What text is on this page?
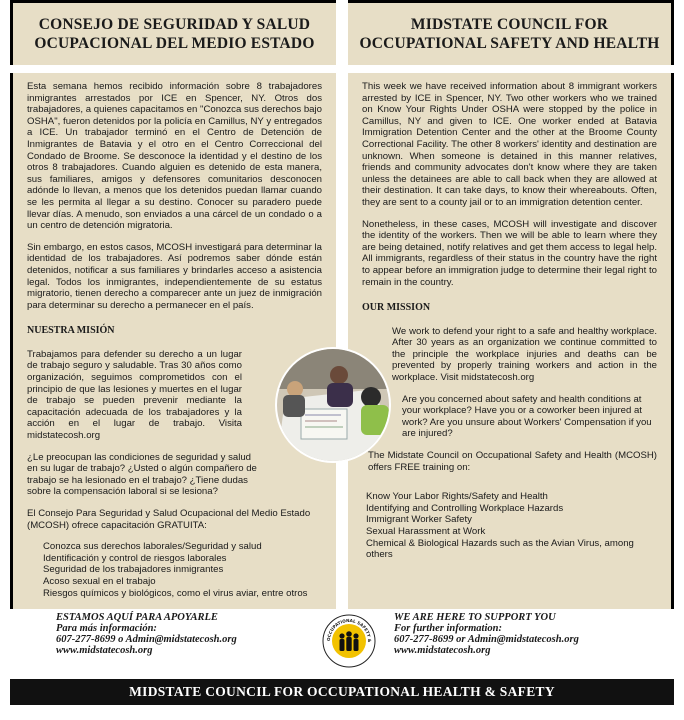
CONSEJO DE SEGURIDAD Y SALUD OCUPACIONAL DEL MEDIO ESTADO

Esta semana hemos recibido información sobre 8 trabajadores inmigrantes arrestados por ICE en Spencer, NY. Otros dos trabajadores, a quienes capacitamos en "Conozca sus derechos bajo OSHA", fueron detenidos por la policía en Camillus, NY y entregados a ICE. Un trabajador terminó en el Centro de Detención de Inmigrantes de Batavia y el otro en el Centro Correccional del Condado de Broome. Se desconoce la identidad y el destino de los otros 8 trabajadores. Cuando alguien es detenido de esta manera, sus familiares, amigos y defensores comunitarios desconocen adónde lo llevan, a menos que los detenidos puedan llamar cuando se les permita al llegar a su destino. Conocer su paradero puede llevar días. A menudo, son enviados a una cárcel de un condado o a un centro de detención migratoria.

Sin embargo, en estos casos, MCOSH investigará para determinar la identidad de los trabajadores. Así podremos saber dónde están detenidos, notificar a sus familiares y brindarles acceso a asistencia legal. Todos los inmigrantes, independientemente de su estatus migratorio, tienen derecho a comparecer ante un juez de inmigración para determinar su derecho a permanecer en el país.

NUESTRA MISIÓN

Trabajamos para defender su derecho a un lugar de trabajo seguro y saludable. Tras 30 años como organización, seguimos comprometidos con el principio de que las lesiones y muertes en el lugar de trabajo se pueden prevenir mediante la capacitación adecuada de los trabajadores y la acción en el lugar de trabajo. Visita midstatecosh.org

¿Le preocupan las condiciones de seguridad y salud en su lugar de trabajo? ¿Usted o algún compañero de trabajo se ha lesionado en el trabajo? ¿Tiene dudas sobre la compensación laboral si se lesiona?

El Consejo Para Seguridad y Salud Ocupacional del Medio Estado (MCOSH) ofrece capacitación GRATUITA:

Conozca sus derechos laborales/Seguridad y salud
Identificación y control de riesgos laborales
Seguridad de los trabajadores inmigrantes
Acoso sexual en el trabajo
Riesgos químicos y biológicos, como el virus aviar, entre otros
MIDSTATE COUNCIL FOR OCCUPATIONAL SAFETY AND HEALTH

This week we have received information about 8 immigrant workers arrested by ICE in Spencer, NY. Two other workers who we trained on Know Your Rights Under OSHA were stopped by the police in Camillus, NY and given to ICE. One worker ended at Batavia Immigration Detention Center and the other at the Broome County Correctional Facility. The other 8 workers' identity and destination are unknown. When someone is detained in this manner relatives, friends and community advocates don't know where they are taken unless the detainees are able to call back when they are allowed at their destination. It can take days, to know their whereabouts. Often, they are sent to a county jail or to an immigration detention center.

Nonetheless, in these cases, MCOSH will investigate and discover the identity of the workers. Then we will be able to learn where they are being detained, notify relatives and get them access to legal help. All immigrants, regardless of their status in the country have the right to appear before an immigration judge to determine their legal right to remain in the country.

OUR MISSION

We work to defend your right to a safe and healthy workplace. After 30 years as an organization we continue committed to the principle the workplace injuries and deaths can be prevented by properly training workers and action in the workplace. Visit midstatecosh.org

Are you concerned about safety and health conditions at your workplace? Have you or a coworker been injured at work? Are you unsure about Workers' Compensation if you are injured?

The Midstate Council on Occupational Safety and Health (MCOSH) offers FREE training on:

Know Your Labor Rights/Safety and Health
Identifying and Controlling Workplace Hazards
Immigrant Worker Safety
Sexual Harassment at Work
Chemical & Biological Hazards such as the Avian Virus, among others
ESTAMOS AQUÍ PARA APOYARLE
Para más información:
607-277-8699 o Admin@midstatecosh.org
www.midstatecosh.org
WE ARE HERE TO SUPPORT YOU
For further information:
607-277-8699 or Admin@midstatecosh.org
www.midstatecosh.org
OCCUPATIONAL SAFETY &
MIDSTATE COUNCIL FOR OCCUPATIONAL HEALTH & SAFETY
